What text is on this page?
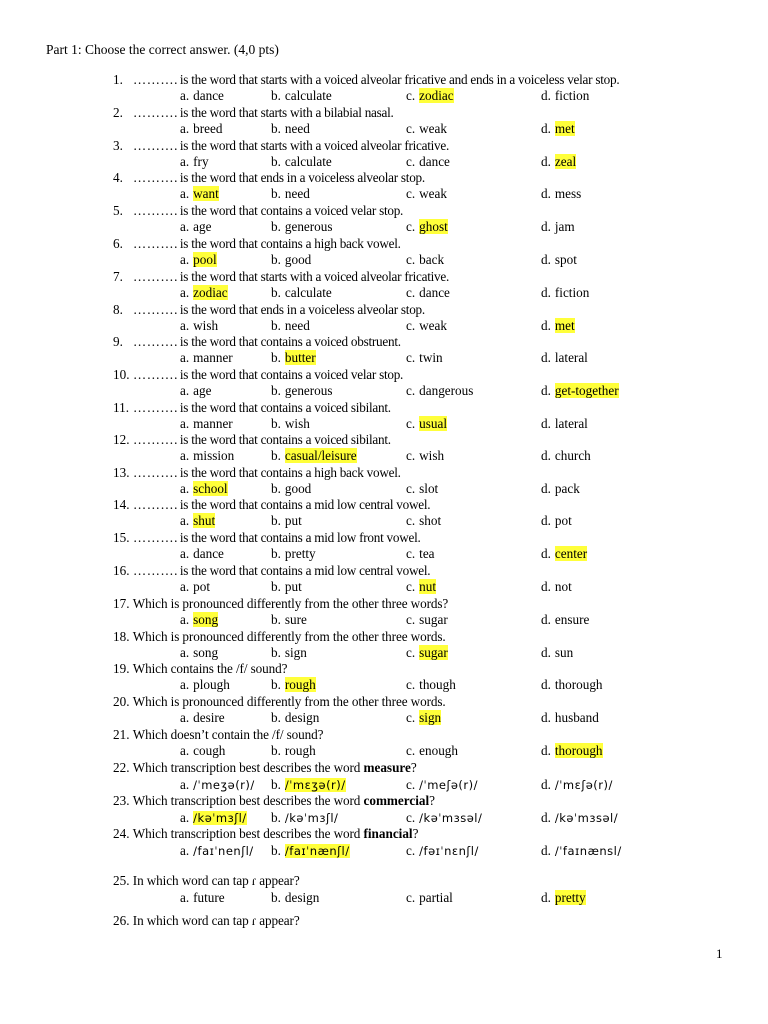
Part 1: Choose the correct answer. (4,0 pts)
1. ………. is the word that starts with a voiced alveolar fricative and ends in a voiceless velar stop.
a. dance	b. calculate	c. zodiac	d. fiction
2. ………. is the word that starts with a bilabial nasal.
a. breed	b. need	c. weak	d. met
3. ………. is the word that starts with a voiced alveolar fricative.
a. fry	b. calculate	c. dance	d. zeal
4. ………. is the word that ends in a voiceless alveolar stop.
a. want	b. need	c. weak	d. mess
5. ………. is the word that contains a voiced velar stop.
a. age	b. generous	c. ghost	d. jam
6. ………. is the word that contains a high back vowel.
a. pool	b. good	c. back	d. spot
7. ………. is the word that starts with a voiced alveolar fricative.
a. zodiac	b. calculate	c. dance	d. fiction
8. ………. is the word that ends in a voiceless alveolar stop.
a. wish	b. need	c. weak	d. met
9. ………. is the word that contains a voiced obstruent.
a. manner	b. butter	c. twin	d. lateral
10. ………. is the word that contains a voiced velar stop.
a. age	b. generous	c. dangerous	d. get-together
11. ………. is the word that contains a voiced sibilant.
a. manner	b. wish	c. usual	d. lateral
12. ………. is the word that contains a voiced sibilant.
a. mission	b. casual/leisure	c. wish	d. church
13. ………. is the word that contains a high back vowel.
a. school	b. good	c. slot	d. pack
14. ………. is the word that contains a mid low central vowel.
a. shut	b. put	c. shot	d. pot
15. ………. is the word that contains a mid low front vowel.
a. dance	b. pretty	c. tea	d. center
16. ………. is the word that contains a mid low central vowel.
a. pot	b. put	c. nut	d. not
17. Which is pronounced differently from the other three words?
a. song	b. sure	c. sugar	d. ensure
18. Which is pronounced differently from the other three words.
a. song	b. sign	c. sugar	d. sun
19. Which contains the /f/ sound?
a. plough	b. rough	c. though	d. thorough
20. Which is pronounced differently from the other three words.
a. desire	b. design	c. sign	d. husband
21. Which doesn’t contain the /f/ sound?
a. cough	b. rough	c. enough	d. thorough
22. Which transcription best describes the word measure?
a. /ˈmeʒə(r)/ b. /ˈmɛʒə(r)/	c. /ˈmeʃə(r)/	d. /ˈmɛʃə(r)/
23. Which transcription best describes the word commercial?
a. /kəˈmɜʃl/ b. /kəˈmɜʃl/	c. /kəˈmɜsəl/	d. /kəˈmɜsəl/
24. Which transcription best describes the word financial?
a. /faɪˈnenʃl/ b. /faɪˈnænʃl/	c. /fəɪˈnɛnʃl/	d. /ˈfaɪnænsl/
25. In which word can tap ɾ appear?
a. future	b. design	c. partial	d. pretty
26. In which word can tap ɾ appear?
1
